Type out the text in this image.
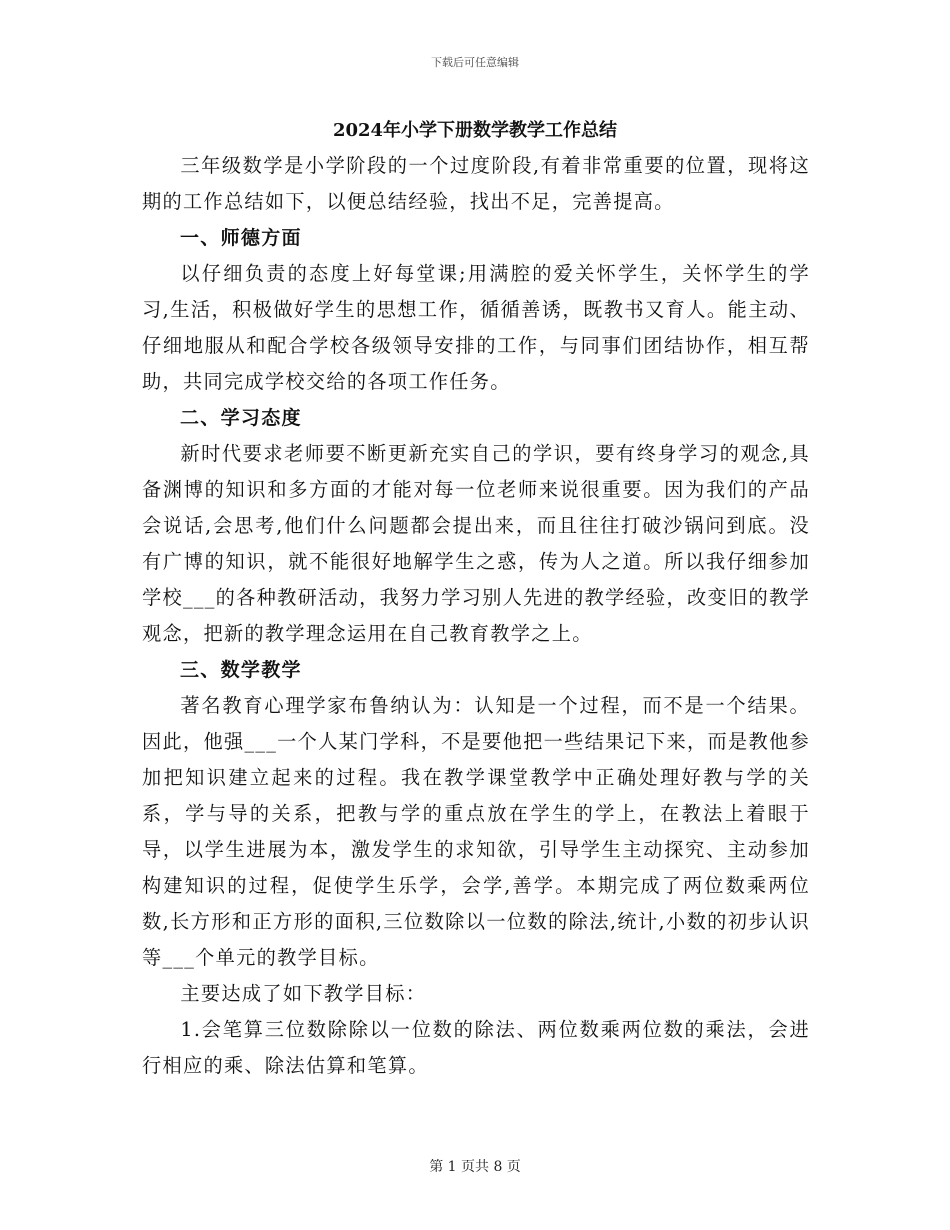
下载后可任意编辑
2024年小学下册数学教学工作总结

三年级数学是小学阶段的一个过度阶段,有着非常重要的位置，现将这期的工作总结如下，以便总结经验，找出不足，完善提高。

一、师德方面

以仔细负责的态度上好每堂课;用满腔的爱关怀学生，关怀学生的学习,生活，积极做好学生的思想工作，循循善诱，既教书又育人。能主动、仔细地服从和配合学校各级领导安排的工作，与同事们团结协作，相互帮助，共同完成学校交给的各项工作任务。

二、学习态度

新时代要求老师要不断更新充实自己的学识，要有终身学习的观念,具备渊博的知识和多方面的才能对每一位老师来说很重要。因为我们的产品会说话,会思考,他们什么问题都会提出来，而且往往打破沙锅问到底。没有广博的知识，就不能很好地解学生之惑，传为人之道。所以我仔细参加学校___的各种教研活动，我努力学习别人先进的教学经验，改变旧的教学观念，把新的教学理念运用在自己教育教学之上。

三、数学教学

著名教育心理学家布鲁纳认为：认知是一个过程，而不是一个结果。因此，他强___一个人某门学科，不是要他把一些结果记下来，而是教他参加把知识建立起来的过程。我在教学课堂教学中正确处理好教与学的关系，学与导的关系，把教与学的重点放在学生的学上，在教法上着眼于导，以学生进展为本，激发学生的求知欲，引导学生主动探究、主动参加构建知识的过程，促使学生乐学，会学,善学。本期完成了两位数乘两位数,长方形和正方形的面积,三位数除以一位数的除法,统计,小数的初步认识等___个单元的教学目标。

主要达成了如下教学目标：

1.会笔算三位数除除以一位数的除法、两位数乘两位数的乘法，会进行相应的乘、除法估算和笔算。

第 1 页共 8 页
